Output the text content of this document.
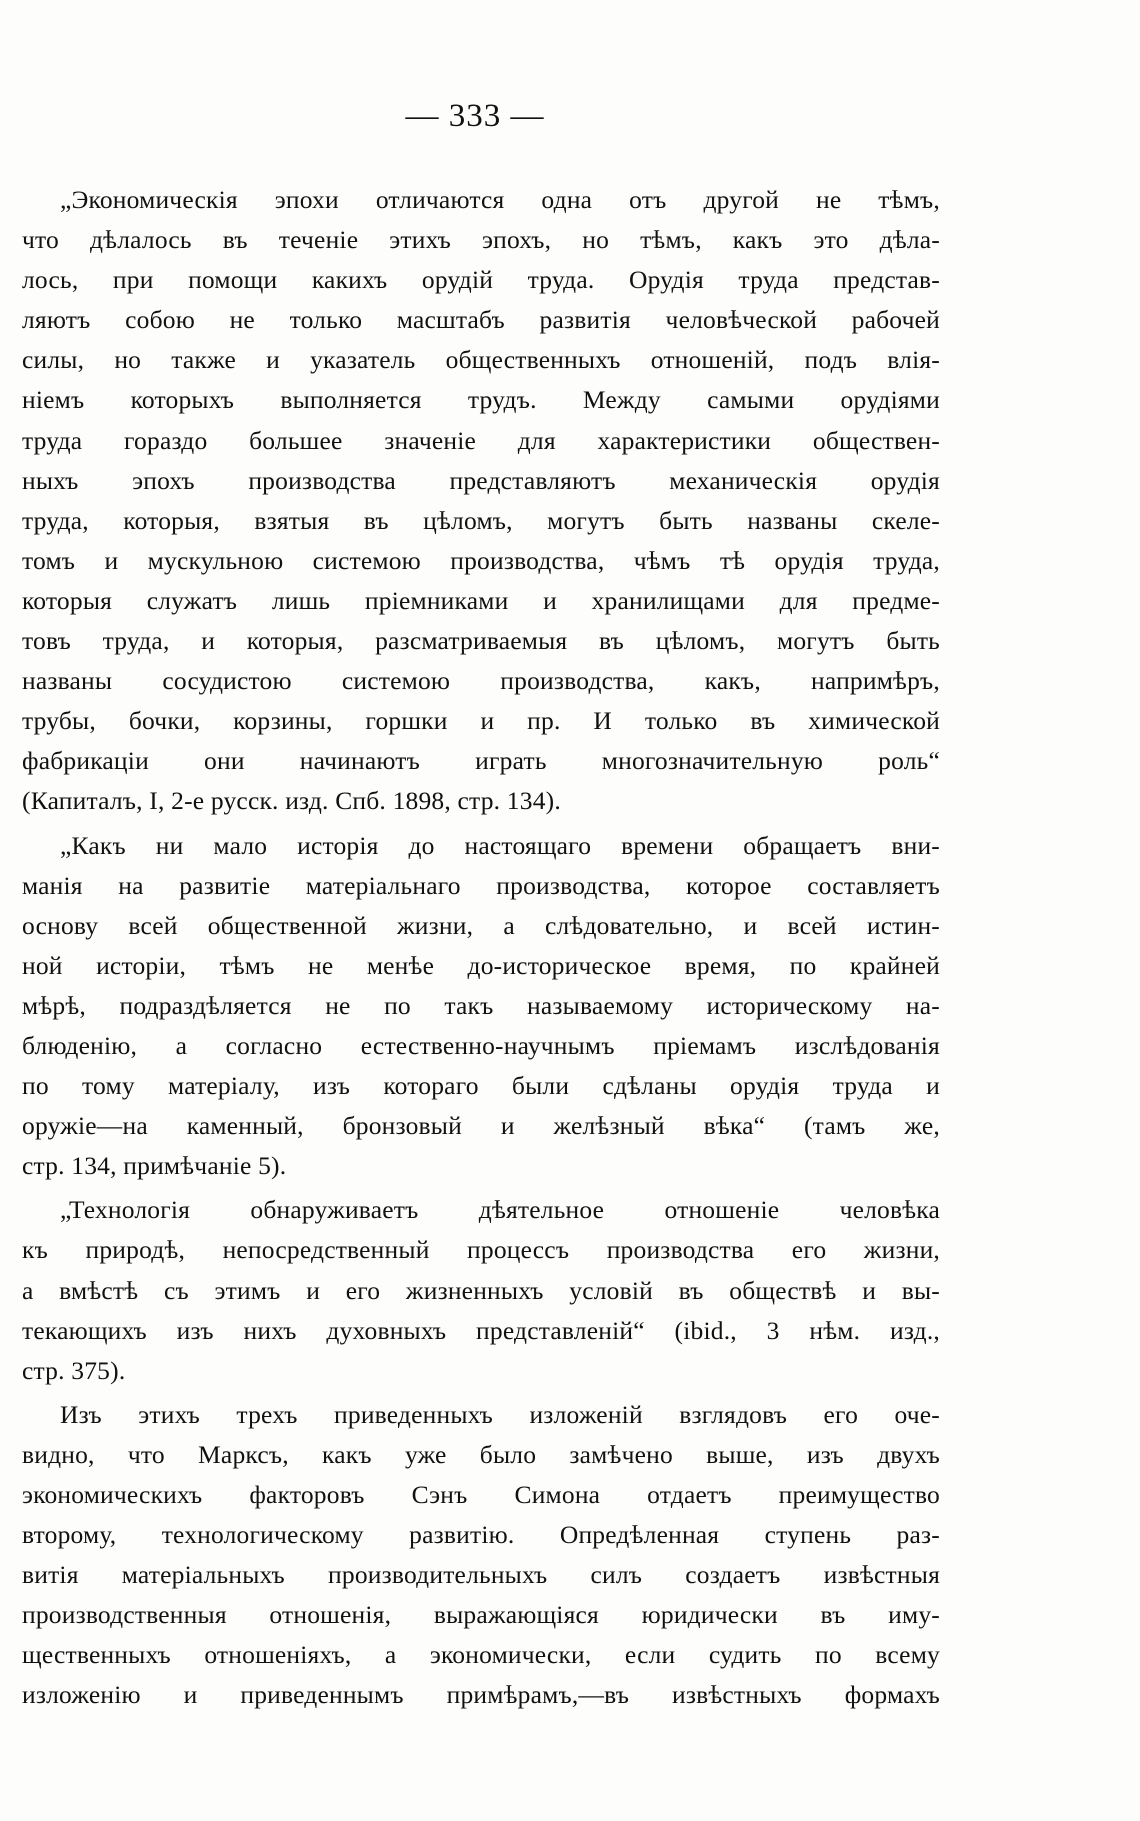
— 333 —
„Экономическія эпохи отличаются одна отъ другой не тѣмъ,
что дѣлалось въ теченіе этихъ эпохъ, но тѣмъ, какъ это дѣла-
лось, при помощи какихъ орудій труда. Орудія труда представ-
ляютъ собою не только масштабъ развитія человѣческой рабочей
силы, но также и указатель общественныхъ отношеній, подъ влія-
ніемъ которыхъ выполняется трудъ. Между самыми орудіями
труда гораздо большее значеніе для характеристики обществен-
ныхъ эпохъ производства представляютъ механическія орудія
труда, которыя, взятыя въ цѣломъ, могутъ быть названы скеле-
томъ и мускульною системою производства, чѣмъ тѣ орудія труда,
которыя служатъ лишь пріемниками и хранилищами для предме-
товъ труда, и которыя, разсматриваемыя въ цѣломъ, могутъ быть
названы сосудистою системою производства, какъ, напримѣръ,
трубы, бочки, корзины, горшки и пр. И только въ химической
фабрикаціи они начинаютъ играть многозначительную роль“
(Капиталъ, I, 2-е русск. изд. Спб. 1898, стр. 134).
„Какъ ни мало исторія до настоящаго времени обращаетъ вни-
манія на развитіе матеріальнаго производства, которое составляетъ
основу всей общественной жизни, а слѣдовательно, и всей истин-
ной исторіи, тѣмъ не менѣе до-историческое время, по крайней
мѣрѣ, подраздѣляется не по такъ называемому историческому на-
блюденію, а согласно естественно-научнымъ пріемамъ изслѣдованія
по тому матеріалу, изъ котораго были сдѣланы орудія труда и
оружіе—на каменный, бронзовый и желѣзный вѣка“ (тамъ же,
стр. 134, примѣчаніе 5).
„Технологія обнаруживаетъ дѣятельное отношеніе человѣка
къ природѣ, непосредственный процессъ производства его жизни,
а вмѣстѣ съ этимъ и его жизненныхъ условій въ обществѣ и вы-
текающихъ изъ нихъ духовныхъ представленій“ (ibid., 3 нѣм. изд.,
стр. 375).
Изъ этихъ трехъ приведенныхъ изложеній взглядовъ его оче-
видно, что Марксъ, какъ уже было замѣчено выше, изъ двухъ
экономическихъ факторовъ Сэнъ Симона отдаетъ преимущество
второму, технологическому развитію. Опредѣленная ступень раз-
витія матеріальныхъ производительныхъ силъ создаетъ извѣстныя
производственныя отношенія, выражающіяся юридически въ иму-
щественныхъ отношеніяхъ, а экономически, если судить по всему
изложенію и приведеннымъ примѣрамъ,—въ извѣстныхъ формахъ
